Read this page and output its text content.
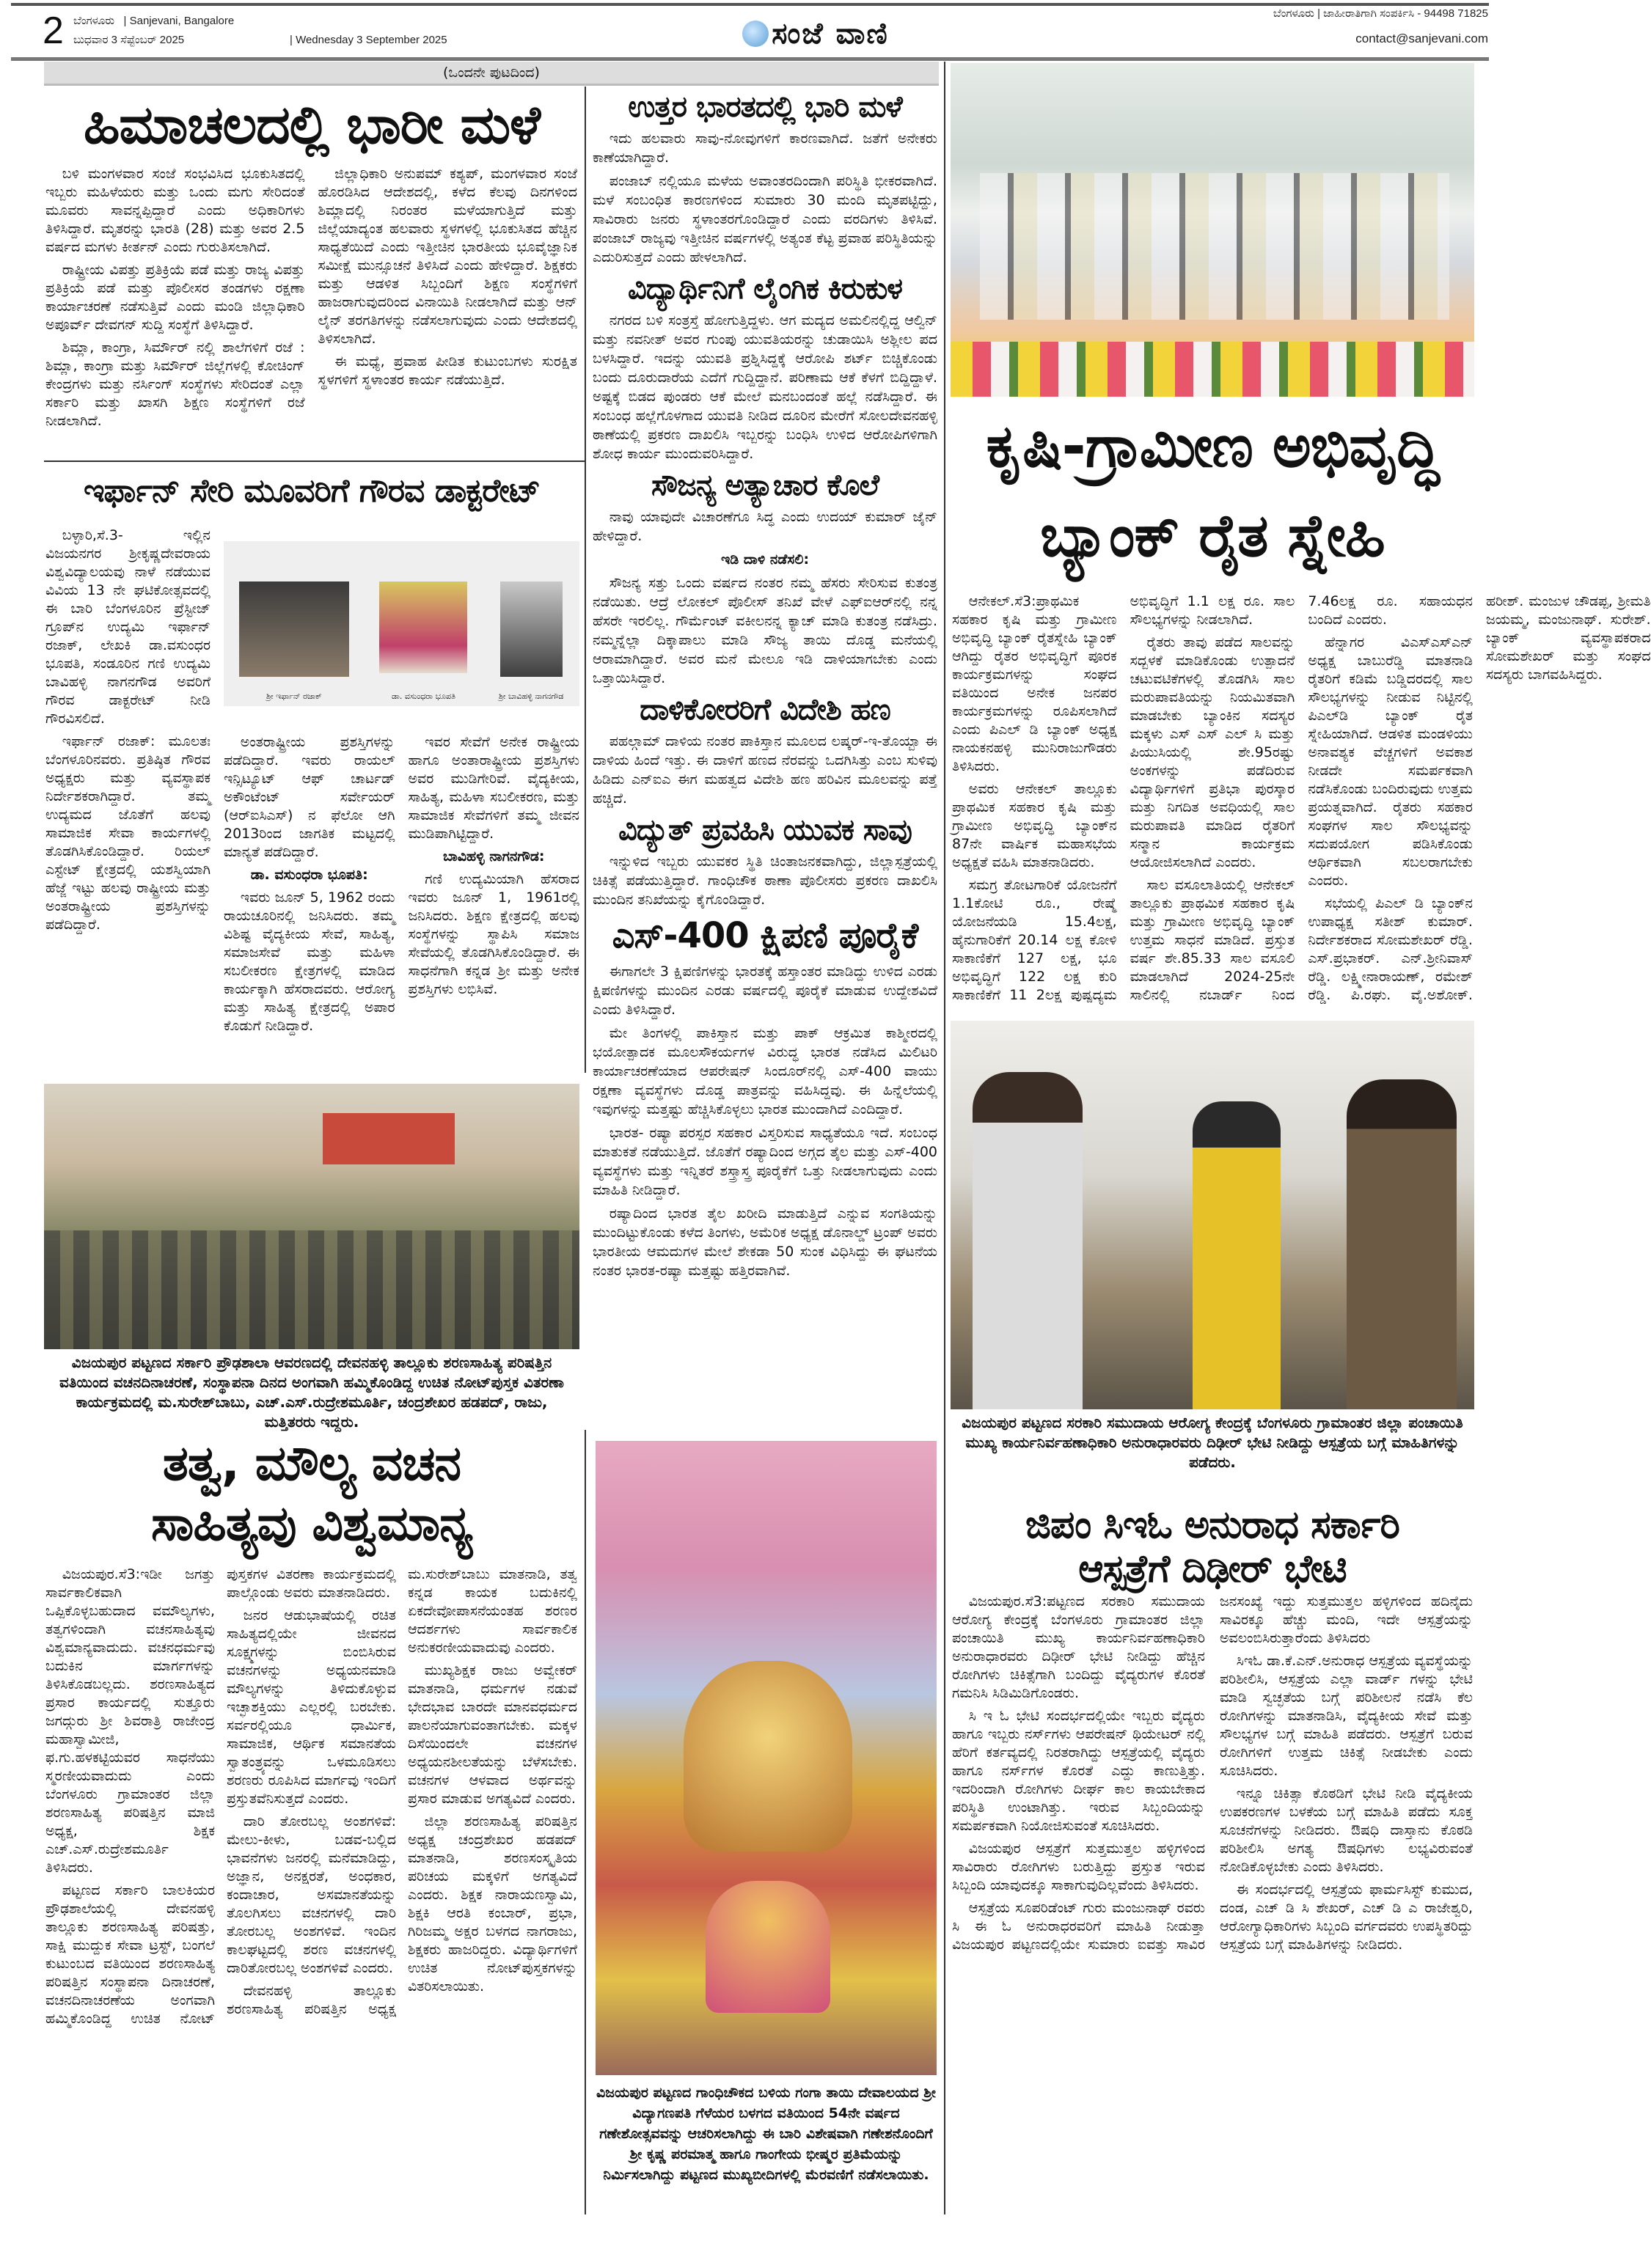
2 ಬೆಂಗಳೂರು | Sanjevani, Bangalore
ಬುಧವಾರ 3 ಸೆಪ್ಟೆಂಬರ್ 2025	| Wednesday 3 September 2025	ಸಂಜೆ ವಾಣಿ
ಬೆಂಗಳೂರು | ಜಾಹೀರಾತಿಗಾಗಿ ಸಂಪರ್ಕಿಸಿ - 94498 71825
contact@sanjevani.com
(ಒಂದನೇ ಪುಟದಿಂದ)
ಹಿಮಾಚಲದಲ್ಲಿ ಭಾರೀ ಮಳೆ

ಬಳಿ ಮಂಗಳವಾರ ಸಂಜೆ ಸಂಭವಿಸಿದ ಭೂಕುಸಿತದಲ್ಲಿ ಇಬ್ಬರು ಮಹಿಳೆಯರು ಮತ್ತು ಒಂದು ಮಗು ಸೇರಿದಂತೆ ಮೂವರು ಸಾವನ್ನಪ್ಪಿದ್ದಾರೆ ಎಂದು ಅಧಿಕಾರಿಗಳು ತಿಳಿಸಿದ್ದಾರೆ. ಮೃತರನ್ನು ಭಾರತಿ (28) ಮತ್ತು ಅವರ 2.5 ವರ್ಷದ ಮಗಳು ಕೀರ್ತನ್ ಎಂದು ಗುರುತಿಸಲಾಗಿದೆ.

ರಾಷ್ಟ್ರೀಯ ವಿಪತ್ತು ಪ್ರತಿಕ್ರಿಯೆ ಪಡೆ ಮತ್ತು ರಾಜ್ಯ ವಿಪತ್ತು ಪ್ರತಿಕ್ರಿಯೆ ಪಡೆ ಮತ್ತು ಪೊಲೀಸರ ತಂಡಗಳು ರಕ್ಷಣಾ ಕಾರ್ಯಾಚರಣೆ ನಡೆಸುತ್ತಿವೆ ಎಂದು ಮಂಡಿ ಜಿಲ್ಲಾಧಿಕಾರಿ ಅಪೂರ್ವ್ ದೇವಗನ್ ಸುದ್ದಿ ಸಂಸ್ಥೆಗೆ ತಿಳಿಸಿದ್ದಾರೆ.

ಶಿಮ್ಲಾ, ಕಾಂಗ್ರಾ, ಸಿರ್ಮೌರ್ ನಲ್ಲಿ ಶಾಲೆಗಳಿಗೆ ರಜೆ : ಶಿಮ್ಲಾ, ಕಾಂಗ್ರಾ ಮತ್ತು ಸಿರ್ಮೌರ್ ಜಿಲ್ಲೆಗಳಲ್ಲಿ ಕೋಚಿಂಗ್ ಕೇಂದ್ರಗಳು ಮತ್ತು ನರ್ಸಿಂಗ್ ಸಂಸ್ಥೆಗಳು ಸೇರಿದಂತೆ ಎಲ್ಲಾ ಸರ್ಕಾರಿ ಮತ್ತು ಖಾಸಗಿ ಶಿಕ್ಷಣ ಸಂಸ್ಥೆಗಳಿಗೆ ರಜೆ ನೀಡಲಾಗಿದೆ.

ಜಿಲ್ಲಾಧಿಕಾರಿ ಅನುಪಮ್ ಕಶ್ಯಪ್, ಮಂಗಳವಾರ ಸಂಜೆ ಹೊರಡಿಸಿದ ಆದೇಶದಲ್ಲಿ, ಕಳೆದ ಕೆಲವು ದಿನಗಳಿಂದ ಶಿಮ್ಲಾದಲ್ಲಿ ನಿರಂತರ ಮಳೆಯಾಗುತ್ತಿದೆ ಮತ್ತು ಜಿಲ್ಲೆಯಾದ್ಯಂತ ಹಲವಾರು ಸ್ಥಳಗಳಲ್ಲಿ ಭೂಕುಸಿತದ ಹೆಚ್ಚಿನ ಸಾಧ್ಯತೆಯಿದೆ ಎಂದು ಇತ್ತೀಚಿನ ಭಾರತೀಯ ಭೂವೈಜ್ಞಾನಿಕ ಸಮೀಕ್ಷೆ ಮುನ್ಸೂಚನೆ ತಿಳಿಸಿದೆ ಎಂದು ಹೇಳಿದ್ದಾರೆ. ಶಿಕ್ಷಕರು ಮತ್ತು ಆಡಳಿತ ಸಿಬ್ಬಂದಿಗೆ ಶಿಕ್ಷಣ ಸಂಸ್ಥೆಗಳಿಗೆ ಹಾಜರಾಗುವುದರಿಂದ ವಿನಾಯಿತಿ ನೀಡಲಾಗಿದೆ ಮತ್ತು ಆನ್ ಲೈನ್ ತರಗತಿಗಳನ್ನು ನಡೆಸಲಾಗುವುದು ಎಂದು ಆದೇಶದಲ್ಲಿ ತಿಳಿಸಲಾಗಿದೆ.

ಈ ಮಧ್ಯೆ, ಪ್ರವಾಹ ಪೀಡಿತ ಕುಟುಂಬಗಳು ಸುರಕ್ಷಿತ ಸ್ಥಳಗಳಿಗೆ ಸ್ಥಳಾಂತರ ಕಾರ್ಯ ನಡೆಯುತ್ತಿದೆ.

ಇರ್ಫಾನ್ ಸೇರಿ ಮೂವರಿಗೆ ಗೌರವ ಡಾಕ್ಟರೇಟ್

ಬಳ್ಳಾರಿ,ಸೆ.3- ಇಲ್ಲಿನ ವಿಜಯನಗರ ಶ್ರೀಕೃಷ್ಣದೇವರಾಯ ವಿಶ್ವವಿದ್ಯಾಲಯವು ನಾಳೆ ನಡೆಯುವ ವಿವಿಯ 13 ನೇ ಘಟಿಕೋತ್ಸವದಲ್ಲಿ ಈ ಬಾರಿ ಬೆಂಗಳೂರಿನ ಪ್ರೆಸ್ಟೀಜ್ ಗ್ರೂಪ್‌ನ ಉದ್ಯಮಿ ಇರ್ಫಾನ್ ರಜಾಕ್, ಲೇಖಕಿ ಡಾ.ವಸುಂಧರ ಭೂಪತಿ, ಸಂಡೂರಿನ ಗಣಿ ಉದ್ಯಮಿ ಬಾವಿಹಳ್ಳಿ ನಾಗನಗೌಡ ಅವರಿಗೆ ಗೌರವ ಡಾಕ್ಟರೇಟ್ ನೀಡಿ ಗೌರವಿಸಲಿದೆ.

ಇರ್ಫಾನ್ ರಜಾಕ್: ಮೂಲತಃ ಬೆಂಗಳೂರಿನವರು. ಪ್ರತಿಷ್ಠಿತ ಗೌರವ ಅಧ್ಯಕ್ಷರು ಮತ್ತು ವ್ಯವಸ್ಥಾಪಕ ನಿರ್ದೇಶಕರಾಗಿದ್ದಾರೆ. ತಮ್ಮ ಉದ್ಯಮದ ಜೊತೆಗೆ ಹಲವು ಸಾಮಾಜಿಕ ಸೇವಾ ಕಾರ್ಯಗಳಲ್ಲಿ ತೊಡಗಿಸಿಕೊಂಡಿದ್ದಾರೆ. ರಿಯಲ್ ಎಸ್ಟೇಟ್ ಕ್ಷೇತ್ರದಲ್ಲಿ ಯಶಸ್ವಿಯಾಗಿ ಹೆಜ್ಜೆ ಇಟ್ಟು ಹಲವು ರಾಷ್ಟ್ರೀಯ ಮತ್ತು ಅಂತರಾಷ್ಟ್ರೀಯ ಪ್ರಶಸ್ತಿಗಳನ್ನು ಪಡೆದಿದ್ದಾರೆ.

ಶ್ರೀ ಇರ್ಫಾನ್ ರಜಾಕ್	ಡಾ. ವಸುಂಧರಾ ಭೂಪತಿ	ಶ್ರೀ ಬಾವಿಹಳ್ಳಿ ನಾಗನಗೌಡ

ಅಂತರಾಷ್ಟ್ರೀಯ ಪ್ರಶಸ್ತಿಗಳನ್ನು ಪಡೆದಿದ್ದಾರೆ. ಇವರು ರಾಯಲ್ ಇನ್ಸಿಟ್ಯೂಟ್ ಆಫ್ ಚಾರ್ಟಡ್ ಅಕೌಂಟೆಂಟ್ ಸರ್ವೇಯರ್ (ಆರ್‌ಐಸಿಎಸ್) ನ ಫೆಲೋ ಆಗಿ 2013ರಿಂದ ಜಾಗತಿಕ ಮಟ್ಟದಲ್ಲಿ ಮಾನ್ಯತೆ ಪಡೆದಿದ್ದಾರೆ.

ಡಾ. ವಸುಂಧರಾ ಭೂಪತಿ:

ಇವರು ಜೂನ್ 5, 1962 ರಂದು ರಾಯಚೂರಿನಲ್ಲಿ ಜನಿಸಿದರು. ತಮ್ಮ ವಿಶಿಷ್ಟ ವೈದ್ಯಕೀಯ ಸೇವೆ, ಸಾಹಿತ್ಯ, ಸಮಾಜಸೇವೆ ಮತ್ತು ಮಹಿಳಾ ಸಬಲೀಕರಣ ಕ್ಷೇತ್ರಗಳಲ್ಲಿ ಮಾಡಿದ ಕಾರ್ಯಕ್ಕಾಗಿ ಹೆಸರಾದವರು. ಆರೋಗ್ಯ ಮತ್ತು ಸಾಹಿತ್ಯ ಕ್ಷೇತ್ರದಲ್ಲಿ ಅಪಾರ ಕೊಡುಗೆ ನೀಡಿದ್ದಾರೆ.

ಇವರ ಸೇವೆಗೆ ಅನೇಕ ರಾಷ್ಟ್ರೀಯ ಹಾಗೂ ಅಂತಾರಾಷ್ಟ್ರೀಯ ಪ್ರಶಸ್ತಿಗಳು ಅವರ ಮುಡಿಗೇರಿವೆ. ವೈದ್ಯಕೀಯ, ಸಾಹಿತ್ಯ, ಮಹಿಳಾ ಸಬಲೀಕರಣ, ಮತ್ತು ಸಾಮಾಜಿಕ ಸೇವೆಗಳಿಗೆ ತಮ್ಮ ಜೀವನ ಮುಡಿಪಾಗಿಟ್ಟಿದ್ದಾರೆ.

ಬಾವಿಹಳ್ಳಿ ನಾಗನಗೌಡ:

ಗಣಿ ಉದ್ಯಮಿಯಾಗಿ ಹೆಸರಾದ ಇವರು ಜೂನ್ 1, 1961ರಲ್ಲಿ ಜನಿಸಿದರು. ಶಿಕ್ಷಣ ಕ್ಷೇತ್ರದಲ್ಲಿ ಹಲವು ಸಂಸ್ಥೆಗಳನ್ನು ಸ್ಥಾಪಿಸಿ ಸಮಾಜ ಸೇವೆಯಲ್ಲಿ ತೊಡಗಿಸಿಕೊಂಡಿದ್ದಾರೆ. ಈ ಸಾಧನೆಗಾಗಿ ಕನ್ನಡ ಶ್ರೀ ಮತ್ತು ಅನೇಕ ಪ್ರಶಸ್ತಿಗಳು ಲಭಿಸಿವೆ.

ವಿಜಯಪುರ ಪಟ್ಟಣದ ಸರ್ಕಾರಿ ಪ್ರೌಢಶಾಲಾ ಆವರಣದಲ್ಲಿ ದೇವನಹಳ್ಳಿ ತಾಲ್ಲೂಕು ಶರಣಸಾಹಿತ್ಯ ಪರಿಷತ್ತಿನ ವತಿಯಿಂದ ವಚನದಿನಾಚರಣೆ, ಸಂಸ್ಥಾಪನಾ ದಿನದ ಅಂಗವಾಗಿ ಹಮ್ಮಿಕೊಂಡಿದ್ದ ಉಚಿತ ನೋಟ್‌ಪುಸ್ತಕ ವಿತರಣಾ ಕಾರ್ಯಕ್ರಮದಲ್ಲಿ ಮ.ಸುರೇಶ್‌ಬಾಬು, ಎಚ್.ಎಸ್.ರುದ್ರೇಶಮೂರ್ತಿ, ಚಂದ್ರಶೇಖರ ಹಡಪದ್, ರಾಜು, ಮತ್ತಿತರರು ಇದ್ದರು.
ತತ್ವ, ಮೌಲ್ಯ ವಚನ
ಸಾಹಿತ್ಯವು ವಿಶ್ವಮಾನ್ಯ

ವಿಜಯಪುರ.ಸೆ3:ಇಡೀ ಜಗತ್ತು ಸಾರ್ವಕಾಲಿಕವಾಗಿ ಒಪ್ಪಿಕೊಳ್ಳಬಹುದಾದ ವಮೌಲ್ಯಗಳು, ತತ್ವಗಳಿಂದಾಗಿ ವಚನಸಾಹಿತ್ಯವು ವಿಶ್ವಮಾನ್ಯವಾದುದು. ವಚನಧರ್ಮವು ಬದುಕಿನ ಮಾರ್ಗಗಳನ್ನು ತಿಳಿಸಿಕೊಡಬಲ್ಲದು. ಶರಣಸಾಹಿತ್ಯದ ಪ್ರಸಾರ ಕಾರ್ಯದಲ್ಲಿ ಸುತ್ತೂರು ಜಗದ್ಗುರು ಶ್ರೀ ಶಿವರಾತ್ರಿ ರಾಜೇಂದ್ರ ಮಹಾಸ್ವಾಮೀಜಿ, ಫ.ಗು.ಹಳಕಟ್ಟಿಯವರ ಸಾಧನೆಯು ಸ್ಮರಣೀಯವಾದುದು ಎಂದು ಬೆಂಗಳೂರು ಗ್ರಾಮಾಂತರ ಜಿಲ್ಲಾ ಶರಣಸಾಹಿತ್ಯ ಪರಿಷತ್ತಿನ ಮಾಜಿ ಅಧ್ಯಕ್ಷ, ಶಿಕ್ಷಕ ಎಚ್.ಎಸ್.ರುದ್ರೇಶಮೂರ್ತಿ ತಿಳಿಸಿದರು.

ಪಟ್ಟಣದ ಸರ್ಕಾರಿ ಬಾಲಕಿಯರ ಪ್ರೌಢಶಾಲೆಯಲ್ಲಿ ದೇವನಹಳ್ಳಿ ತಾಲ್ಲೂಕು ಶರಣಸಾಹಿತ್ಯ ಪರಿಷತ್ತು, ಸಾಕ್ಷಿ ಮುದ್ದುಕ ಸೇವಾ ಟ್ರಸ್ಟ್, ಬಂಗಲೆ ಕುಟುಂಬದ ವತಿಯಿಂದ ಶರಣಸಾಹಿತ್ಯ ಪರಿಷತ್ತಿನ ಸಂಸ್ಥಾಪನಾ ದಿನಾಚರಣೆ, ವಚನದಿನಾಚರಣೆಯ ಅಂಗವಾಗಿ ಹಮ್ಮಿಕೊಂಡಿದ್ದ ಉಚಿತ ನೋಟ್ ಪುಸ್ತಕಗಳ ವಿತರಣಾ ಕಾರ್ಯಕ್ರಮದಲ್ಲಿ ಪಾಲ್ಗೊಂಡು ಅವರು ಮಾತನಾಡಿದರು.

ಜನರ ಆಡುಭಾಷೆಯಲ್ಲಿ ರಚಿತ ಸಾಹಿತ್ಯದಲ್ಲಿಯೇ ಜೀವನದ ಸೂಕ್ಷ್ಮಗಳನ್ನು ಬಿಂಬಿಸಿರುವ ವಚನಗಳನ್ನು ಅಧ್ಯಯನಮಾಡಿ ಮೌಲ್ಯಗಳನ್ನು ತಿಳಿದುಕೊಳ್ಳುವ ಇಚ್ಛಾಶಕ್ತಿಯು ಎಲ್ಲರಲ್ಲಿ ಬರಬೇಕು. ಸರ್ವರಲ್ಲಿಯೂ ಧಾರ್ಮಿಕ, ಸಾಮಾಜಿಕ, ಆರ್ಥಿಕ ಸಮಾನತೆಯ ಸ್ವಾತಂತ್ರ್ಯವನ್ನು ಒಳಮೂಡಿಸಲು ಶರಣರು ರೂಪಿಸಿದ ಮಾರ್ಗವು ಇಂದಿಗೆ ಪ್ರಸ್ತುತವೆನಿಸುತ್ತದೆ ಎಂದರು.

ದಾರಿ ತೋರಬಲ್ಲ ಅಂಶಗಳಿವೆ: ಮೇಲು-ಕೀಳು, ಬಡವ-ಬಲ್ಲಿದ ಭಾವನೆಗಳು ಜನರಲ್ಲಿ ಮನೆಮಾಡಿದ್ದು, ಅಜ್ಞಾನ, ಅನಕ್ಷರತೆ, ಅಂಧಕಾರ, ಕಂದಾಚಾರ, ಅಸಮಾನತೆಯನ್ನು ತೊಲಗಿಸಲು ವಚನಗಳಲ್ಲಿ ದಾರಿ ತೋರಬಲ್ಲ ಅಂಶಗಳಿವೆ. ಇಂದಿನ ಕಾಲಘಟ್ಟದಲ್ಲಿ ಶರಣ ವಚನಗಳಲ್ಲಿ ದಾರಿತೋರಬಲ್ಲ ಅಂಶಗಳಿವೆ ಎಂದರು.

ದೇವನಹಳ್ಳಿ ತಾಲ್ಲೂಕು ಶರಣಸಾಹಿತ್ಯ ಪರಿಷತ್ತಿನ ಅಧ್ಯಕ್ಷ ಮ.ಸುರೇಶ್‌ಬಾಬು ಮಾತನಾಡಿ, ತತ್ವ ಕನ್ನಡ ಕಾಯಕ ಬದುಕಿನಲ್ಲಿ ಏಕದೇವೋಪಾಸನೆಯಂತಹ ಶರಣರ ಆದರ್ಶಗಳು ಸಾರ್ವಕಾಲಿಕ ಅನುಕರಣೀಯವಾದುವು ಎಂದರು.

ಮುಖ್ಯಶಿಕ್ಷಕ ರಾಜು ಅವ್ವೇಕರ್ ಮಾತನಾಡಿ, ಧರ್ಮಗಳ ನಡುವೆ ಭೇದಭಾವ ಬಾರದೇ ಮಾನವಧರ್ಮದ ಪಾಲನೆಯಾಗುವಂತಾಗಬೇಕು. ಮಕ್ಕಳ ದಿಸೆಯಿಂದಲೇ ವಚನಗಳ ಅಧ್ಯಯನಶೀಲತೆಯನ್ನು ಬೆಳೆಸಬೇಕು. ವಚನಗಳ ಆಳವಾದ ಅರ್ಥವನ್ನು ಪ್ರಸಾರ ಮಾಡುವ ಅಗತ್ಯವಿದೆ ಎಂದರು.

ಜಿಲ್ಲಾ ಶರಣಸಾಹಿತ್ಯ ಪರಿಷತ್ತಿನ ಅಧ್ಯಕ್ಷ ಚಂದ್ರಶೇಖರ ಹಡಪದ್ ಮಾತನಾಡಿ, ಶರಣಸಂಸ್ಕೃತಿಯ ಪರಿಚಯ ಮಕ್ಕಳಿಗೆ ಅಗತ್ಯವಿದೆ ಎಂದರು. ಶಿಕ್ಷಕ ನಾರಾಯಣಸ್ವಾಮಿ, ಶಿಕ್ಷಕಿ ಆರತಿ ಕಂಬಾರ್, ಪ್ರಭಾ, ಗಿರಿಜಮ್ಮ ಅಕ್ಷರ ಬಳಗದ ನಾಗರಾಜು, ಶಿಕ್ಷಕರು ಹಾಜರಿದ್ದರು. ವಿದ್ಯಾರ್ಥಿಗಳಿಗೆ ಉಚಿತ ನೋಟ್‌ಪುಸ್ತಕಗಳನ್ನು ವಿತರಿಸಲಾಯಿತು.

ಉತ್ತರ ಭಾರತದಲ್ಲಿ ಭಾರಿ ಮಳೆ

ಇದು ಹಲವಾರು ಸಾವು-ನೋವುಗಳಿಗೆ ಕಾರಣವಾಗಿದೆ. ಜತೆಗೆ ಅನೇಕರು ಕಾಣೆಯಾಗಿದ್ದಾರೆ.

ಪಂಜಾಬ್ ನಲ್ಲಿಯೂ ಮಳೆಯ ಅವಾಂತರದಿಂದಾಗಿ ಪರಿಸ್ಥಿತಿ ಭೀಕರವಾಗಿದೆ. ಮಳೆ ಸಂಬಂಧಿತ ಕಾರಣಗಳಿಂದ ಸುಮಾರು 30 ಮಂದಿ ಮೃತಪಟ್ಟಿದ್ದು, ಸಾವಿರಾರು ಜನರು ಸ್ಥಳಾಂತರಗೊಂಡಿದ್ದಾರೆ ಎಂದು ವರದಿಗಳು ತಿಳಿಸಿವೆ. ಪಂಜಾಬ್ ರಾಜ್ಯವು ಇತ್ತೀಚಿನ ವರ್ಷಗಳಲ್ಲಿ ಅತ್ಯಂತ ಕೆಟ್ಟ ಪ್ರವಾಹ ಪರಿಸ್ಥಿತಿಯನ್ನು ಎದುರಿಸುತ್ತದೆ ಎಂದು ಹೇಳಲಾಗಿದೆ.

ವಿದ್ಯಾರ್ಥಿನಿಗೆ ಲೈಂಗಿಕ ಕಿರುಕುಳ

ನಗರದ ಬಳಿ ಸಂತ್ರಸ್ತೆ ಹೋಗುತ್ತಿದ್ದಳು. ಆಗ ಮದ್ಯದ ಅಮಲಿನಲ್ಲಿದ್ದ ಆಲ್ವಿನ್ ಮತ್ತು ನವನೀತ್ ಅವರ ಗುಂಪು ಯುವತಿಯರನ್ನು ಚುಡಾಯಿಸಿ ಅಶ್ಲೀಲ ಪದ ಬಳಸಿದ್ದಾರೆ. ಇದನ್ನು ಯುವತಿ ಪ್ರಶ್ನಿಸಿದ್ದಕ್ಕೆ ಆರೋಪಿ ಶರ್ಟ್ ಬಿಚ್ಚಿಕೊಂಡು ಬಂದು ದೂರುದಾರೆಯ ಎದೆಗೆ ಗುದ್ದಿದ್ದಾನೆ. ಪರಿಣಾಮ ಆಕೆ ಕೆಳಗೆ ಬಿದ್ದಿದ್ದಾಳೆ. ಅಷ್ಟಕ್ಕೆ ಬಿಡದ ಪುಂಡರು ಆಕೆ ಮೇಲೆ ಮನಬಂದಂತೆ ಹಲ್ಲೆ ನಡೆಸಿದ್ದಾರೆ. ಈ ಸಂಬಂಧ ಹಲ್ಲೆಗೊಳಗಾದ ಯುವತಿ ನೀಡಿದ ದೂರಿನ ಮೇರೆಗೆ ಸೋಲದೇವನಹಳ್ಳಿ ಠಾಣೆಯಲ್ಲಿ ಪ್ರಕರಣ ದಾಖಲಿಸಿ ಇಬ್ಬರನ್ನು ಬಂಧಿಸಿ ಉಳಿದ ಆರೋಪಿಗಳಿಗಾಗಿ ಶೋಧ ಕಾರ್ಯ ಮುಂದುವರಿಸಿದ್ದಾರೆ.

ಸೌಜನ್ಯ ಅತ್ಯಾಚಾರ ಕೊಲೆ

ನಾವು ಯಾವುದೇ ವಿಚಾರಣೆಗೂ ಸಿದ್ಧ ಎಂದು ಉದಯ್ ಕುಮಾರ್ ಜೈನ್ ಹೇಳಿದ್ದಾರೆ.

ಇಡಿ ದಾಳಿ ನಡೆಸಲಿ:

ಸೌಜನ್ಯ ಸತ್ತು ಒಂದು ವರ್ಷದ ನಂತರ ನಮ್ಮ ಹೆಸರು ಸೇರಿಸುವ ಕುತಂತ್ರ ನಡೆಯಿತು. ಆದ್ರೆ ಲೋಕಲ್ ಪೊಲೀಸ್ ತನಿಖೆ ವೇಳೆ ಎಫ್‌ಐಆರ್‌ನಲ್ಲಿ ನನ್ನ ಹೆಸರೇ ಇರಲಿಲ್ಲ. ಗೌರ್ಮೆಂಟ್ ವಕೀಲನನ್ನ ಕ್ಯಾಚ್ ಮಾಡಿ ಕುತಂತ್ರ ನಡೆಸಿದ್ರು. ನಮ್ಮನ್ನೆಲ್ಲಾ ದಿಕ್ಕಾಪಾಲು ಮಾಡಿ ಸೌಜ್ಯ ತಾಯಿ ದೊಡ್ಡ ಮನೆಯಲ್ಲಿ ಆರಾಮಾಗಿದ್ದಾರೆ. ಅವರ ಮನೆ ಮೇಲೂ ಇಡಿ ದಾಳಿಯಾಗಬೇಕು ಎಂದು ಒತ್ತಾಯಿಸಿದ್ದಾರೆ.

ದಾಳಿಕೋರರಿಗೆ ವಿದೇಶಿ ಹಣ

ಪಹಲ್ಗಾಮ್ ದಾಳಿಯ ನಂತರ ಪಾಕಿಸ್ತಾನ ಮೂಲದ ಲಷ್ಕರ್-ಇ-ತೊಯ್ಬಾ ಈ ದಾಳಿಯ ಹಿಂದೆ ಇತ್ತು. ಈ ದಾಳಿಗೆ ಹಣದ ನೆರವನ್ನು ಒದಗಿಸಿತ್ತು ಎಂಬ ಸುಳಿವು ಹಿಡಿದು ಎನ್‌ಐಎ ಈಗ ಮಹತ್ವದ ವಿದೇಶಿ ಹಣ ಹರಿವಿನ ಮೂಲವನ್ನು ಪತ್ತೆ ಹಚ್ಚಿದೆ.

ವಿದ್ಯುತ್ ಪ್ರವಹಿಸಿ ಯುವಕ ಸಾವು

ಇನ್ನುಳಿದ ಇಬ್ಬರು ಯುವಕರ ಸ್ಥಿತಿ ಚಿಂತಾಜನಕವಾಗಿದ್ದು, ಜಿಲ್ಲಾಸ್ಪತ್ರೆಯಲ್ಲಿ ಚಿಕಿತ್ಸೆ ಪಡೆಯುತ್ತಿದ್ದಾರೆ. ಗಾಂಧಿಚೌಕ ಠಾಣಾ ಪೊಲೀಸರು ಪ್ರಕರಣ ದಾಖಲಿಸಿ ಮುಂದಿನ ತನಿಖೆಯನ್ನು ಕೈಗೊಂಡಿದ್ದಾರೆ.

ಎಸ್-400 ಕ್ಷಿಪಣಿ ಪೂರೈಕೆ

ಈಗಾಗಲೇ 3 ಕ್ಷಿಪಣಿಗಳನ್ನು ಭಾರತಕ್ಕೆ ಹಸ್ತಾಂತರ ಮಾಡಿದ್ದು ಉಳಿದ ಎರಡು ಕ್ಷಿಪಣಿಗಳನ್ನು ಮುಂದಿನ ಎರಡು ವರ್ಷದಲ್ಲಿ ಪೂರೈಕೆ ಮಾಡುವ ಉದ್ದೇಶವಿದೆ ಎಂದು ತಿಳಿಸಿದ್ದಾರೆ.

ಮೇ ತಿಂಗಳಲ್ಲಿ ಪಾಕಿಸ್ತಾನ ಮತ್ತು ಪಾಕ್ ಆಕ್ರಮಿತ ಕಾಶ್ಮೀರದಲ್ಲಿ ಭಯೋತ್ಪಾದಕ ಮೂಲಸೌಕರ್ಯಗಳ ವಿರುದ್ಧ ಭಾರತ ನಡೆಸಿದ ಮಿಲಿಟರಿ ಕಾರ್ಯಾಚರಣೆಯಾದ ಆಪರೇಷನ್ ಸಿಂದೂರ್‌ನಲ್ಲಿ ಎಸ್-400 ವಾಯು ರಕ್ಷಣಾ ವ್ಯವಸ್ಥೆಗಳು ದೊಡ್ಡ ಪಾತ್ರವನ್ನು ವಹಿಸಿದ್ದವು. ಈ ಹಿನ್ನೆಲೆಯಲ್ಲಿ ಇವುಗಳನ್ನು ಮತ್ತಷ್ಟು ಹೆಚ್ಚಿಸಿಕೊಳ್ಳಲು ಭಾರತ ಮುಂದಾಗಿದೆ ಎಂದಿದ್ದಾರೆ.

ಭಾರತ- ರಷ್ಯಾ ಪರಸ್ಪರ ಸಹಕಾರ ವಿಸ್ತರಿಸುವ ಸಾಧ್ಯತೆಯೂ ಇದೆ. ಸಂಬಂಧ ಮಾತುಕತೆ ನಡೆಯುತ್ತಿದೆ. ಜೊತೆಗೆ ರಷ್ಯಾದಿಂದ ಅಗ್ಗದ ತೈಲ ಮತ್ತು ಎಸ್-400 ವ್ಯವಸ್ಥೆಗಳು ಮತ್ತು ಇನ್ನಿತರೆ ಶಸ್ತ್ರಾಸ್ತ್ರ ಪೂರೈಕೆಗೆ ಒತ್ತು ನೀಡಲಾಗುವುದು ಎಂದು ಮಾಹಿತಿ ನೀಡಿದ್ದಾರೆ.

ರಷ್ಯಾದಿಂದ ಭಾರತ ತೈಲ ಖರೀದಿ ಮಾಡುತ್ತಿದೆ ಎನ್ನುವ ಸಂಗತಿಯನ್ನು ಮುಂದಿಟ್ಟುಕೊಂಡು ಕಳೆದ ತಿಂಗಳು, ಅಮೆರಿಕ ಅಧ್ಯಕ್ಷ ಡೊನಾಲ್ಡ್ ಟ್ರಂಪ್ ಅವರು ಭಾರತೀಯ ಆಮದುಗಳ ಮೇಲೆ ಶೇಕಡಾ 50 ಸುಂಕ ವಿಧಿಸಿದ್ದು ಈ ಘಟನೆಯ ನಂತರ ಭಾರತ-ರಷ್ಯಾ ಮತ್ತಷ್ಟು ಹತ್ತಿರವಾಗಿವೆ.

ವಿಜಯಪುರ ಪಟ್ಟಣದ ಗಾಂಧಿಚೌಕದ ಬಳಿಯ ಗಂಗಾ ತಾಯಿ ದೇವಾಲಯದ ಶ್ರೀ ವಿದ್ಯಾಗಣಪತಿ ಗೆಳೆಯರ ಬಳಗದ ವತಿಯಿಂದ 54ನೇ ವರ್ಷದ ಗಣೇಶೋತ್ಸವವನ್ನು ಆಚರಿಸಲಾಗಿದ್ದು ಈ ಬಾರಿ ವಿಶೇಷವಾಗಿ ಗಣೇಶನೊಂದಿಗೆ ಶ್ರೀ ಕೃಷ್ಣ ಪರಮಾತ್ಮ ಹಾಗೂ ಗಾಂಗೇಯ ಭೀಷ್ಮರ ಪ್ರತಿಮೆಯನ್ನು ನಿರ್ಮಿಸಲಾಗಿದ್ದು ಪಟ್ಟಣದ ಮುಖ್ಯಬೀದಿಗಳಲ್ಲಿ ಮೆರವಣಿಗೆ ನಡೆಸಲಾಯಿತು.
ಕೃಷಿ-ಗ್ರಾಮೀಣ ಅಭಿವೃದ್ಧಿ
ಬ್ಯಾಂಕ್ ರೈತ ಸ್ನೇಹಿ

ಆನೇಕಲ್.ಸೆ3:ಪ್ರಾಥಮಿಕ ಸಹಕಾರ ಕೃಷಿ ಮತ್ತು ಗ್ರಾಮೀಣ ಅಭಿವೃದ್ಧಿ ಬ್ಯಾಂಕ್ ರೈತಸ್ನೇಹಿ ಬ್ಯಾಂಕ್ ಆಗಿದ್ದು ರೈತರ ಅಭಿವೃದ್ಧಿಗೆ ಪೂರಕ ಕಾರ್ಯಕ್ರಮಗಳನ್ನು ಸಂಘದ ವತಿಯಿಂದ ಅನೇಕ ಜನಪರ ಕಾರ್ಯಕ್ರಮಗಳನ್ನು ರೂಪಿಸಲಾಗಿದೆ ಎಂದು ಪಿಎಲ್ ಡಿ ಬ್ಯಾಂಕ್ ಅಧ್ಯಕ್ಷ ನಾಯಕನಹಳ್ಳಿ ಮುನಿರಾಜುಗೌಡರು ತಿಳಿಸಿದರು.

ಅವರು ಆನೇಕಲ್ ತಾಲ್ಲೂಕು ಪ್ರಾಥಮಿಕ ಸಹಕಾರ ಕೃಷಿ ಮತ್ತು ಗ್ರಾಮೀಣ ಅಭಿವೃದ್ಧಿ ಬ್ಯಾಂಕ್‌ನ 87ನೇ ವಾರ್ಷಿಕ ಮಹಾಸಭೆಯ ಅಧ್ಯಕ್ಷತೆ ವಹಿಸಿ ಮಾತನಾಡಿದರು.

ಸಮಗ್ರ ತೋಟಗಾರಿಕೆ ಯೋಜನೆಗೆ 1.1ಕೋಟಿ ರೂ., ರೇಷ್ಮೆ ಯೋಜನೆಯಡಿ 15.4ಲಕ್ಷ, ಹೈನುಗಾರಿಕೆಗೆ 20.14 ಲಕ್ಷ ಕೋಳಿ ಸಾಕಾಣಿಕೆಗೆ 127 ಲಕ್ಷ, ಭೂ ಅಭಿವೃದ್ಧಿಗೆ 122 ಲಕ್ಷ ಕುರಿ ಸಾಕಾಣಿಕೆಗೆ 11 2ಲಕ್ಷ ಪುಷ್ಪದ್ಯಮ ಅಭಿವೃದ್ಧಿಗೆ 1.1 ಲಕ್ಷ ರೂ. ಸಾಲ ಸೌಲಭ್ಯಗಳನ್ನು ನೀಡಲಾಗಿದೆ.

ರೈತರು ತಾವು ಪಡೆದ ಸಾಲವನ್ನು ಸದ್ಬಳಕೆ ಮಾಡಿಕೊಂಡು ಉತ್ಪಾದನೆ ಚಟುವಟಿಕೆಗಳಲ್ಲಿ ತೊಡಗಿಸಿ ಸಾಲ ಮರುಪಾವತಿಯನ್ನು ನಿಯಮಿತವಾಗಿ ಮಾಡಬೇಕು ಬ್ಯಾಂಕಿನ ಸದಸ್ಯರ ಮಕ್ಕಳು ಎಸ್ ಎಸ್ ಎಲ್ ಸಿ ಮತ್ತು ಪಿಯುಸಿಯಲ್ಲಿ ಶೇ.95ರಷ್ಟು ಅಂಕಗಳನ್ನು ಪಡೆದಿರುವ ವಿದ್ಯಾರ್ಥಿಗಳಿಗೆ ಪ್ರತಿಭಾ ಪುರಸ್ಕಾರ ಮತ್ತು ನಿಗದಿತ ಅವಧಿಯಲ್ಲಿ ಸಾಲ ಮರುಪಾವತಿ ಮಾಡಿದ ರೈತರಿಗೆ ಸನ್ಮಾನ ಕಾರ್ಯಕ್ರಮ ಆಯೋಜಿಸಲಾಗಿದೆ ಎಂದರು.

ಸಾಲ ವಸೂಲಾತಿಯಲ್ಲಿ ಆನೇಕಲ್ ತಾಲ್ಲೂಕು ಪ್ರಾಥಮಿಕ ಸಹಕಾರ ಕೃಷಿ ಮತ್ತು ಗ್ರಾಮೀಣ ಅಭಿವೃದ್ಧಿ ಬ್ಯಾಂಕ್ ಉತ್ತಮ ಸಾಧನೆ ಮಾಡಿದೆ. ಪ್ರಸ್ತುತ ವರ್ಷ ಶೇ.85.33 ಸಾಲ ವಸೂಲಿ ಮಾಡಲಾಗಿದೆ 2024-25ನೇ ಸಾಲಿನಲ್ಲಿ ನಬಾರ್ಡ್ ನಿಂದ 7.46ಲಕ್ಷ ರೂ. ಸಹಾಯಧನ ಬಂದಿದೆ ಎಂದರು.

ಹೆನ್ನಾಗರ ವಿಎಸ್‌ಎಸ್‌ಎನ್ ಅಧ್ಯಕ್ಷ ಬಾಬುರೆಡ್ಡಿ ಮಾತನಾಡಿ ರೈತರಿಗೆ ಕಡಿಮೆ ಬಡ್ಡಿದರದಲ್ಲಿ ಸಾಲ ಸೌಲಭ್ಯಗಳನ್ನು ನೀಡುವ ನಿಟ್ಟಿನಲ್ಲಿ ಪಿಎಲ್‌ಡಿ ಬ್ಯಾಂಕ್ ರೈತ ಸ್ನೇಹಿಯಾಗಿದೆ. ಆಡಳಿತ ಮಂಡಳಿಯು ಅನಾವಶ್ಯಕ ವೆಚ್ಚಗಳಿಗೆ ಅವಕಾಶ ನೀಡದೇ ಸಮರ್ಪಕವಾಗಿ ನಡೆಸಿಕೊಂಡು ಬಂದಿರುವುದು ಉತ್ತಮ ಪ್ರಯತ್ನವಾಗಿದೆ. ರೈತರು ಸಹಕಾರ ಸಂಘಗಳ ಸಾಲ ಸೌಲಭ್ಯವನ್ನು ಸದುಪಯೋಗ ಪಡಿಸಿಕೊಂಡು ಆರ್ಥಿಕವಾಗಿ ಸಬಲರಾಗಬೇಕು ಎಂದರು.

ಸಭೆಯಲ್ಲಿ ಪಿಎಲ್ ಡಿ ಬ್ಯಾಂಕ್‌ನ ಉಪಾಧ್ಯಕ್ಷ ಸತೀಶ್ ಕುಮಾರ್. ನಿರ್ದೇಶಕರಾದ ಸೋಮಶೇಖರ್ ರೆಡ್ಡಿ. ಎಸ್.ಪ್ರಭಾಕರ್. ಎನ್.ಶ್ರೀನಿವಾಸ್ ರೆಡ್ಡಿ. ಲಕ್ಷ್ಮೀನಾರಾಯಣ್, ರಮೇಶ್ ರೆಡ್ಡಿ. ಪಿ.ರಘು. ವೈ.ಅಶೋಕ್. ಹರೀಶ್. ಮಂಜುಳ ಚೌಡಪ್ಪ, ಶ್ರೀಮತಿ ಜಯಮ್ಮ, ಮಂಜುನಾಥ್. ಸುರೇಶ್. ಬ್ಯಾಂಕ್ ವ್ಯವಸ್ಥಾಪಕರಾದ ಸೋಮಶೇಖರ್ ಮತ್ತು ಸಂಘದ ಸದಸ್ಯರು ಬಾಗವಹಿಸಿದ್ದರು.

ವಿಜಯಪುರ ಪಟ್ಟಣದ ಸರಕಾರಿ ಸಮುದಾಯ ಆರೋಗ್ಯ ಕೇಂದ್ರಕ್ಕೆ ಬೆಂಗಳೂರು ಗ್ರಾಮಾಂತರ ಜಿಲ್ಲಾ ಪಂಚಾಯಿತಿ ಮುಖ್ಯ ಕಾರ್ಯನಿರ್ವಹಣಾಧಿಕಾರಿ ಅನುರಾಧಾರವರು ದಿಢೀರ್ ಭೇಟಿ ನೀಡಿದ್ದು ಆಸ್ಪತ್ರೆಯ ಬಗ್ಗೆ ಮಾಹಿತಿಗಳನ್ನು ಪಡೆದರು.
ಜಿಪಂ ಸಿಇಓ ಅನುರಾಧ ಸರ್ಕಾರಿ
ಆಸ್ಪತ್ರೆಗೆ ದಿಢೀರ್ ಭೇಟಿ

ವಿಜಯಪುರ.ಸೆ3:ಪಟ್ಟಣದ ಸರಕಾರಿ ಸಮುದಾಯ ಆರೋಗ್ಯ ಕೇಂದ್ರಕ್ಕೆ ಬೆಂಗಳೂರು ಗ್ರಾಮಾಂತರ ಜಿಲ್ಲಾ ಪಂಚಾಯಿತಿ ಮುಖ್ಯ ಕಾರ್ಯನಿರ್ವಹಣಾಧಿಕಾರಿ ಅನುರಾಧಾರವರು ದಿಢೀರ್ ಭೇಟಿ ನೀಡಿದ್ದು ಹೆಚ್ಚಿನ ರೋಗಿಗಳು ಚಿಕಿತ್ಸೆಗಾಗಿ ಬಂದಿದ್ದು ವೈದ್ಯರುಗಳ ಕೊರತೆ ಗಮನಿಸಿ ಸಿಡಿಮಿಡಿಗೊಂಡರು.

ಸಿ ಇ ಓ ಭೇಟಿ ಸಂದರ್ಭದಲ್ಲಿಯೇ ಇಬ್ಬರು ವೈದ್ಯರು ಹಾಗೂ ಇಬ್ಬರು ನರ್ಸ್‌ಗಳು ಆಪರೇಷನ್ ಥಿಯೇಟರ್ ನಲ್ಲಿ ಹೆರಿಗೆ ಕರ್ತವ್ಯದಲ್ಲಿ ನಿರತರಾಗಿದ್ದು ಆಸ್ಪತ್ರೆಯಲ್ಲಿ ವೈದ್ಯರು ಹಾಗೂ ನರ್ಸ್‌ಗಳ ಕೊರತೆ ಎದ್ದು ಕಾಣುತ್ತಿತ್ತು. ಇದರಿಂದಾಗಿ ರೋಗಿಗಳು ದೀರ್ಘ ಕಾಲ ಕಾಯಬೇಕಾದ ಪರಿಸ್ಥಿತಿ ಉಂಟಾಗಿತ್ತು. ಇರುವ ಸಿಬ್ಬಂದಿಯನ್ನು ಸಮರ್ಪಕವಾಗಿ ನಿಯೋಜಿಸುವಂತೆ ಸೂಚಿಸಿದರು.

ವಿಜಯಪುರ ಆಸ್ಪತ್ರೆಗೆ ಸುತ್ತಮುತ್ತಲ ಹಳ್ಳಿಗಳಿಂದ ಸಾವಿರಾರು ರೋಗಿಗಳು ಬರುತ್ತಿದ್ದು ಪ್ರಸ್ತುತ ಇರುವ ಸಿಬ್ಬಂದಿ ಯಾವುದಕ್ಕೂ ಸಾಕಾಗುವುದಿಲ್ಲವೆಂದು ತಿಳಿಸಿದರು.

ಆಸ್ಪತ್ರೆಯ ಸೂಪರಿಡೆಂಟ್ ಗುರು ಮಂಜುನಾಥ್ ರವರು ಸಿ ಈ ಓ ಅನುರಾಧರವರಿಗೆ ಮಾಹಿತಿ ನೀಡುತ್ತಾ ವಿಜಯಪುರ ಪಟ್ಟಣದಲ್ಲಿಯೇ ಸುಮಾರು ಐವತ್ತು ಸಾವಿರ ಜನಸಂಖ್ಯೆ ಇದ್ದು ಸುತ್ತಮುತ್ತಲ ಹಳ್ಳಿಗಳಿಂದ ಹದಿನೈದು ಸಾವಿರಕ್ಕೂ ಹೆಚ್ಚು ಮಂದಿ, ಇದೇ ಆಸ್ಪತ್ರೆಯನ್ನು ಅವಲಂಬಿಸಿರುತ್ತಾರೆಂದು ತಿಳಿಸಿದರು

ಸಿಇಓ ಡಾ.ಕೆ.ಎನ್.ಅನುರಾಧ ಆಸ್ಪತ್ರೆಯ ವ್ಯವಸ್ಥೆಯನ್ನು ಪರಿಶೀಲಿಸಿ, ಆಸ್ಪತ್ರೆಯ ಎಲ್ಲಾ ವಾರ್ಡ್ ಗಳನ್ನು ಭೇಟಿ ಮಾಡಿ ಸ್ವಚ್ಛತೆಯ ಬಗ್ಗೆ ಪರಿಶೀಲನೆ ನಡೆಸಿ ಕೆಲ ರೋಗಿಗಳನ್ನು ಮಾತನಾಡಿಸಿ, ವೈದ್ಯಕೀಯ ಸೇವೆ ಮತ್ತು ಸೌಲಭ್ಯಗಳ ಬಗ್ಗೆ ಮಾಹಿತಿ ಪಡೆದರು. ಆಸ್ಪತ್ರೆಗೆ ಬರುವ ರೋಗಿಗಳಿಗೆ ಉತ್ತಮ ಚಿಕಿತ್ಸೆ ನೀಡಬೇಕು ಎಂದು ಸೂಚಿಸಿದರು.

ಇನ್ನೂ ಚಿಕಿತ್ಸಾ ಕೊಠಡಿಗೆ ಭೇಟಿ ನೀಡಿ ವೈದ್ಯಕೀಯ ಉಪಕರಣಗಳ ಬಳಕೆಯ ಬಗ್ಗೆ ಮಾಹಿತಿ ಪಡೆದು ಸೂಕ್ತ ಸೂಚನೆಗಳನ್ನು ನೀಡಿದರು. ಔಷಧಿ ದಾಸ್ತಾನು ಕೊಠಡಿ ಪರಿಶೀಲಿಸಿ ಅಗತ್ಯ ಔಷಧಿಗಳು ಲಭ್ಯವಿರುವಂತೆ ನೋಡಿಕೊಳ್ಳಬೇಕು ಎಂದು ತಿಳಿಸಿದರು.

ಈ ಸಂದರ್ಭದಲ್ಲಿ ಆಸ್ಪತ್ರೆಯ ಫಾರ್ಮಸಿಸ್ಟ್ ಕುಮುದ, ದಂಡ, ಎಚ್ ಡಿ ಸಿ ಶೇಖರ್, ಎಚ್ ಡಿ ಎ ರಾಜೇಶ್ವರಿ, ಆರೋಗ್ಯಾಧಿಕಾರಿಗಳು ಸಿಬ್ಬಂದಿ ವರ್ಗದವರು ಉಪಸ್ಥಿತರಿದ್ದು ಆಸ್ಪತ್ರೆಯ ಬಗ್ಗೆ ಮಾಹಿತಿಗಳನ್ನು ನೀಡಿದರು.
